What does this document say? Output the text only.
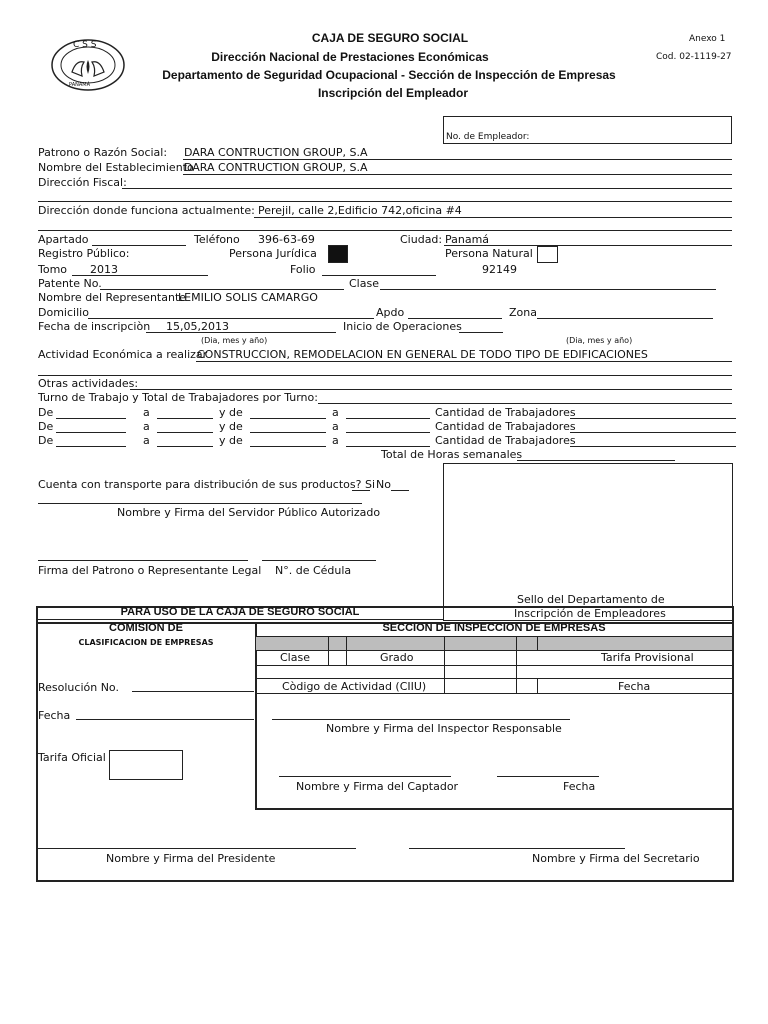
C S S
PANAMÁ
CAJA DE SEGURO SOCIAL
Dirección Nacional de Prestaciones Económicas
Departamento de Seguridad Ocupacional - Sección de Inspección de Empresas
Inscripción del Empleador
Anexo 1
Cod. 02-1119-27
No. de Empleador:
Patrono o Razón Social: DARA CONTRUCTION GROUP, S.A
Nombre del Establecimiento
DARA CONTRUCTION GROUP, S.A
Dirección Fiscal:
Dirección donde funciona actualmente: Perejil, calle 2,Edificio 742,oficina #4
Apartado	Teléfono 396-63-69	Ciudad: Panamá
Registro Público:	Persona Jurídica	Persona Natural
Tomo 2013	Folio	92149
Patente No.	Clase
Nombre del Representante
LEMILIO SOLIS CAMARGO
Domicilio	Apdo	Zona
Fecha de inscripciòn 15,05,2013	Inicio de Operaciones
(Dia, mes y año)	(Dia, mes y año)
Actividad Económica a realizar
CONSTRUCCION, REMODELACION EN GENERAL DE TODO TIPO DE EDIFICACIONES
Otras actividades:
Turno de Trabajo y Total de Trabajadores por Turno:
De	a	y de	a	Cantidad de Trabajadores
De	a	y de	a	Cantidad de Trabajadores
De	a	y de	a	Cantidad de Trabajadores
Total de Horas semanales
Sello del Departamento de
Inscripción de Empleadores
Cuenta con transporte para distribución de sus productos? Si No
Nombre y Firma del Servidor Público Autorizado
Firma del Patrono o Representante Legal N°. de Cédula
PARA USO DE LA CAJA DE SEGURO SOCIAL
COMISION DE
CLASIFICACION DE EMPRESAS
SECCION DE INSPECCION DE EMPRESAS
Clase	Grado	Tarifa Provisional
Còdigo de Actividad (CIIU)	Fecha
Resolución No.
Fecha
Nombre y Firma del Inspector Responsable
Tarifa Oficial
Nombre y Firma del Captador	Fecha
Nombre y Firma del Presidente	Nombre y Firma del Secretario
